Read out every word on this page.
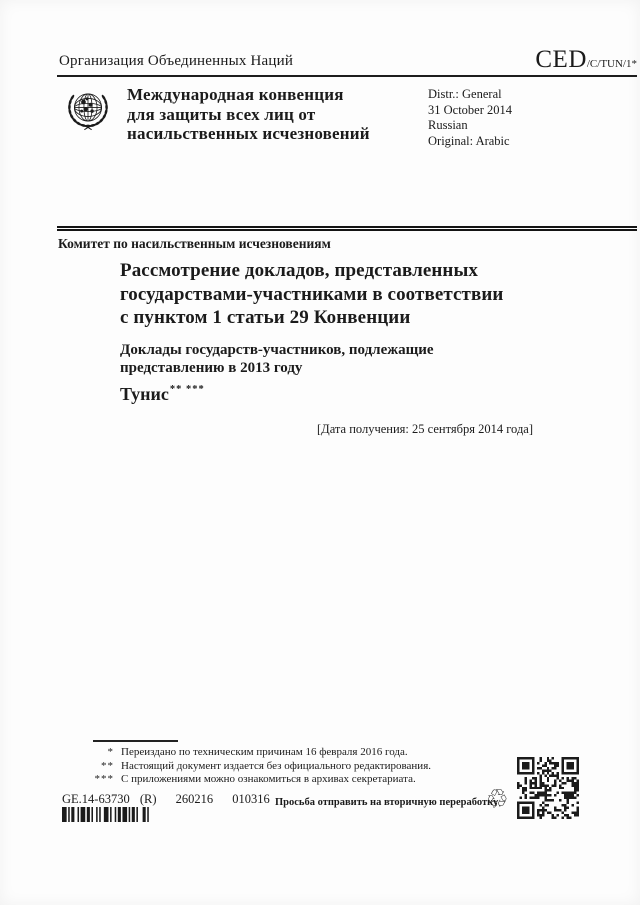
Организация Объединенных Наций	CED/C/TUN/1*
Международная конвенция
для защиты всех лиц от
насильственных исчезновений
Distr.: General
31 October 2014
Russian
Original: Arabic
Комитет по насильственным исчезновениям
Рассмотрение докладов, представленных
государствами-участниками в соответствии
с пунктом 1 статьи 29 Конвенции
Доклады государств-участников, подлежащие
представлению в 2013 году
Тунис** ***
[Дата получения: 25 сентября 2014 года]
* Переиздано по техническим причинам 16 февраля 2016 года.
** Настоящий документ издается без официального редактирования.
*** С приложениями можно ознакомиться в архивах секретариата.
GE.14-63730 (R) 260216 010316 Просьба отправить на вторичную переработку
♲
